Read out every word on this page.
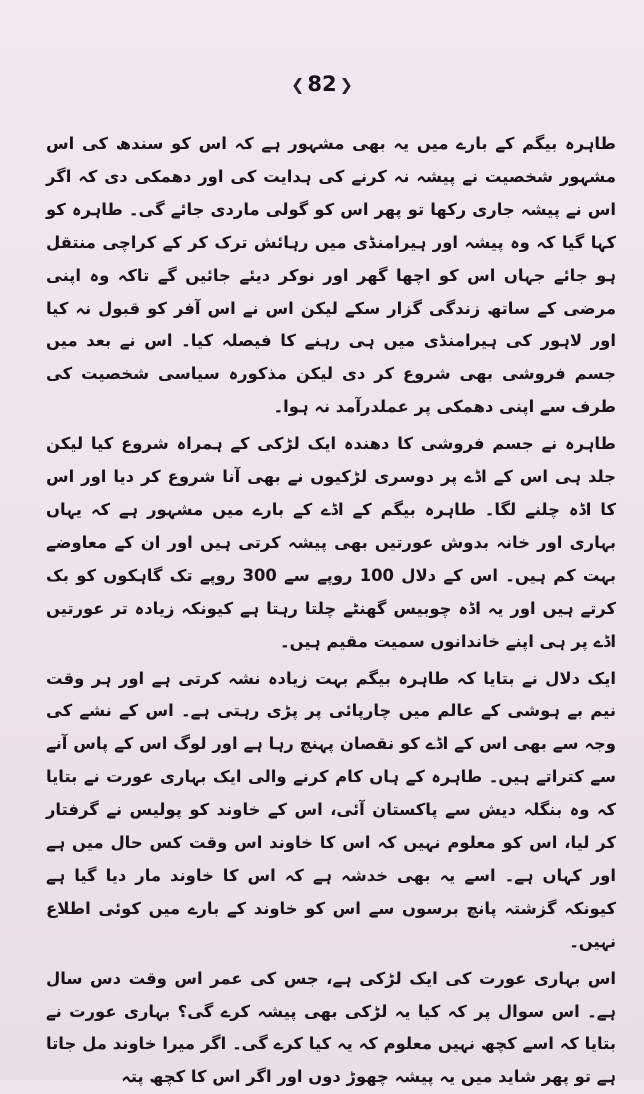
❮ 82 ❯

طاہرہ بیگم کے بارے میں یہ بھی مشہور ہے کہ اس کو سندھ کی اس مشہور شخصیت نے پیشہ نہ کرنے کی ہدایت کی اور دھمکی دی کہ اگر اس نے پیشہ جاری رکھا تو پھر اس کو گولی ماردی جائے گی۔ طاہرہ کو کہا گیا کہ وہ پیشہ اور ہیرامنڈی میں رہائش ترک کر کے کراچی منتقل ہو جائے جہاں اس کو اچھا گھر اور نوکر دیئے جائیں گے تاکہ وہ اپنی مرضی کے ساتھ زندگی گزار سکے لیکن اس نے اس آفر کو قبول نہ کیا اور لاہور کی ہیرامنڈی میں ہی رہنے کا فیصلہ کیا۔ اس نے بعد میں جسم فروشی بھی شروع کر دی لیکن مذکورہ سیاسی شخصیت کی طرف سے اپنی دھمکی پر عملدرآمد نہ ہوا۔

طاہرہ نے جسم فروشی کا دھندہ ایک لڑکی کے ہمراہ شروع کیا لیکن جلد ہی اس کے اڈے پر دوسری لڑکیوں نے بھی آنا شروع کر دیا اور اس کا اڈہ چلنے لگا۔ طاہرہ بیگم کے اڈے کے بارے میں مشہور ہے کہ یہاں بہاری اور خانہ بدوش عورتیں بھی پیشہ کرتی ہیں اور ان کے معاوضے بہت کم ہیں۔ اس کے دلال 100 روپے سے 300 روپے تک گاہکوں کو بک کرتے ہیں اور یہ اڈہ چوبیس گھنٹے چلتا رہتا ہے کیونکہ زیادہ تر عورتیں اڈے پر ہی اپنے خاندانوں سمیت مقیم ہیں۔

ایک دلال نے بتایا کہ طاہرہ بیگم بہت زیادہ نشہ کرتی ہے اور ہر وقت نیم بے ہوشی کے عالم میں چارپائی پر پڑی رہتی ہے۔ اس کے نشے کی وجہ سے بھی اس کے اڈے کو نقصان پہنچ رہا ہے اور لوگ اس کے پاس آنے سے کتراتے ہیں۔ طاہرہ کے ہاں کام کرنے والی ایک بہاری عورت نے بتایا کہ وہ بنگلہ دیش سے پاکستان آئی، اس کے خاوند کو پولیس نے گرفتار کر لیا، اس کو معلوم نہیں کہ اس کا خاوند اس وقت کس حال میں ہے اور کہاں ہے۔ اسے یہ بھی خدشہ ہے کہ اس کا خاوند مار دیا گیا ہے کیونکہ گزشتہ پانچ برسوں سے اس کو خاوند کے بارے میں کوئی اطلاع نہیں۔

اس بہاری عورت کی ایک لڑکی ہے، جس کی عمر اس وقت دس سال ہے۔ اس سوال پر کہ کیا یہ لڑکی بھی پیشہ کرے گی؟ بہاری عورت نے بتایا کہ اسے کچھ نہیں معلوم کہ یہ کیا کرے گی۔ اگر میرا خاوند مل جاتا ہے تو پھر شاید میں یہ پیشہ چھوڑ دوں اور اگر اس کا کچھ پتہ
